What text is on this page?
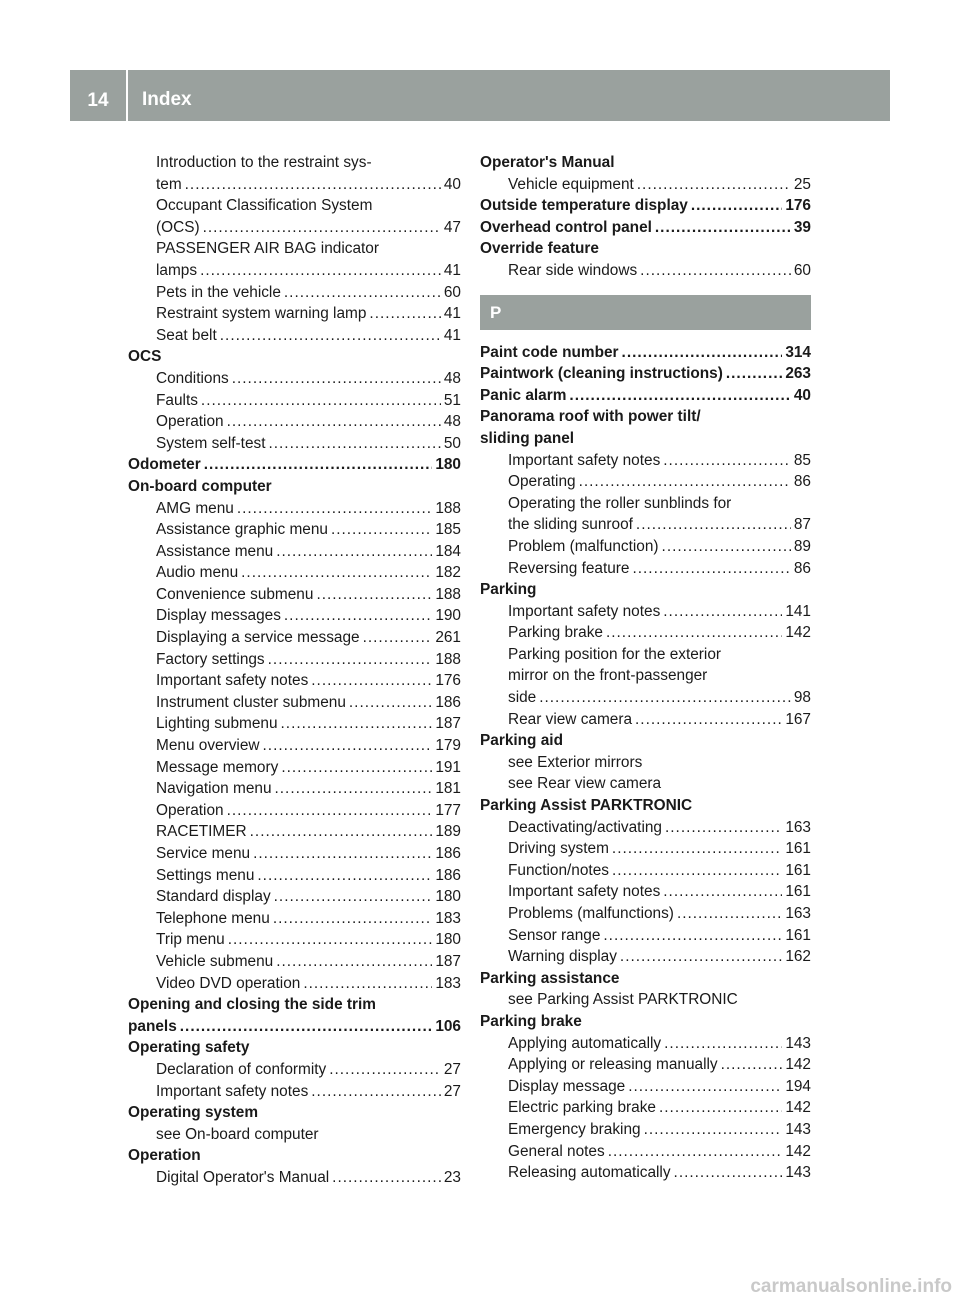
14	Index
Introduction to the restraint sys-
tem .....	40
Occupant Classification System
(OCS) .....	47
PASSENGER AIR BAG indicator
lamps .....	41
Pets in the vehicle .....	60
Restraint system warning lamp .....	41
Seat belt .....	41
OCS
Conditions .....	48
Faults .....	51
Operation .....	48
System self-test .....	50
Odometer .....	180
On-board computer
AMG menu .....	188
Assistance graphic menu .....	185
Assistance menu .....	184
Audio menu .....	182
Convenience submenu .....	188
Display messages .....	190
Displaying a service message .....	261
Factory settings .....	188
Important safety notes .....	176
Instrument cluster submenu .....	186
Lighting submenu .....	187
Menu overview .....	179
Message memory .....	191
Navigation menu .....	181
Operation .....	177
RACETIMER .....	189
Service menu .....	186
Settings menu .....	186
Standard display .....	180
Telephone menu .....	183
Trip menu .....	180
Vehicle submenu .....	187
Video DVD operation .....	183
Opening and closing the side trim
panels .....	106
Operating safety
Declaration of conformity .....	27
Important safety notes .....	27
Operating system
see On-board computer
Operation
Digital Operator's Manual .....	23
Operator's Manual
Vehicle equipment .....	25
Outside temperature display .....	176
Overhead control panel .....	39
Override feature
Rear side windows .....	60
P
Paint code number .....	314
Paintwork (cleaning instructions) .....	263
Panic alarm .....	40
Panorama roof with power tilt/
sliding panel
Important safety notes .....	85
Operating .....	86
Operating the roller sunblinds for
the sliding sunroof .....	87
Problem (malfunction) .....	89
Reversing feature .....	86
Parking
Important safety notes .....	141
Parking brake .....	142
Parking position for the exterior
mirror on the front-passenger
side .....	98
Rear view camera .....	167
Parking aid
see Exterior mirrors
see Rear view camera
Parking Assist PARKTRONIC
Deactivating/activating .....	163
Driving system .....	161
Function/notes .....	161
Important safety notes .....	161
Problems (malfunctions) .....	163
Sensor range .....	161
Warning display .....	162
Parking assistance
see Parking Assist PARKTRONIC
Parking brake
Applying automatically .....	143
Applying or releasing manually .....	142
Display message .....	194
Electric parking brake .....	142
Emergency braking .....	143
General notes .....	142
Releasing automatically .....	143
carmanualsonline.info
